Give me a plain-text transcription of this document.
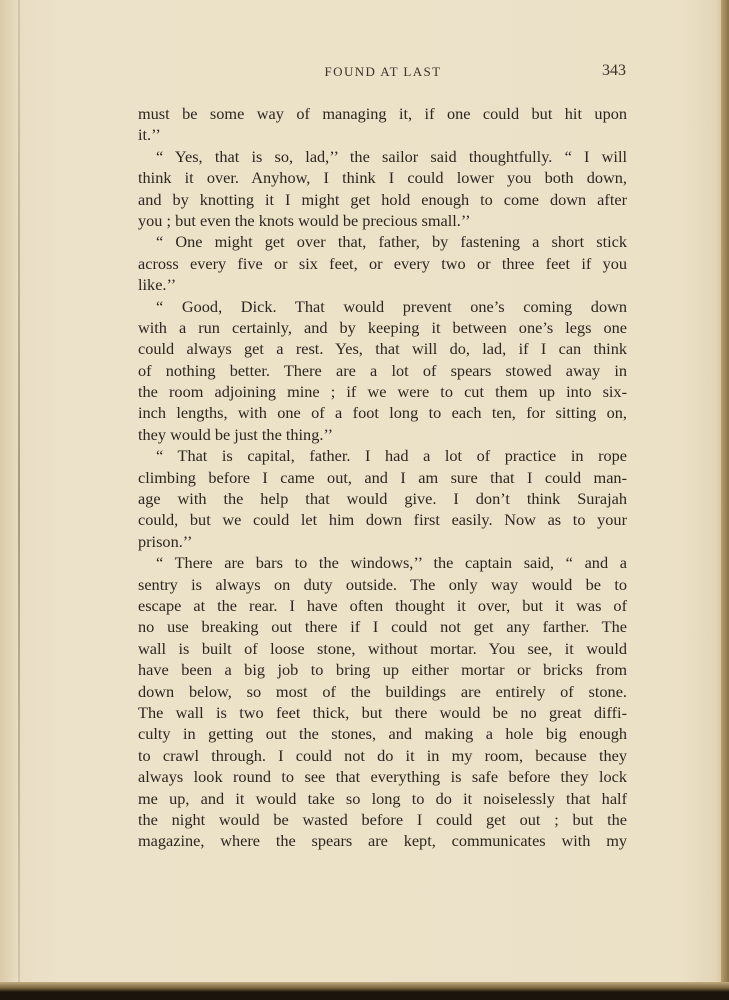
FOUND AT LAST	343
must be some way of managing it, if one could but hit upon
it.’’
“ Yes, that is so, lad,’’ the sailor said thoughtfully. “ I will
think it over. Anyhow, I think I could lower you both down,
and by knotting it I might get hold enough to come down after
you ; but even the knots would be precious small.’’
“ One might get over that, father, by fastening a short stick
across every five or six feet, or every two or three feet if you
like.’’
“ Good, Dick. That would prevent one’s coming down
with a run certainly, and by keeping it between one’s legs one
could always get a rest. Yes, that will do, lad, if I can think
of nothing better. There are a lot of spears stowed away in
the room adjoining mine ; if we were to cut them up into six-
inch lengths, with one of a foot long to each ten, for sitting on,
they would be just the thing.’’
“ That is capital, father. I had a lot of practice in rope
climbing before I came out, and I am sure that I could man-
age with the help that would give. I don’t think Surajah
could, but we could let him down first easily. Now as to your
prison.’’
“ There are bars to the windows,’’ the captain said, “ and a
sentry is always on duty outside. The only way would be to
escape at the rear. I have often thought it over, but it was of
no use breaking out there if I could not get any farther. The
wall is built of loose stone, without mortar. You see, it would
have been a big job to bring up either mortar or bricks from
down below, so most of the buildings are entirely of stone.
The wall is two feet thick, but there would be no great diffi-
culty in getting out the stones, and making a hole big enough
to crawl through. I could not do it in my room, because they
always look round to see that everything is safe before they lock
me up, and it would take so long to do it noiselessly that half
the night would be wasted before I could get out ; but the
magazine, where the spears are kept, communicates with my
